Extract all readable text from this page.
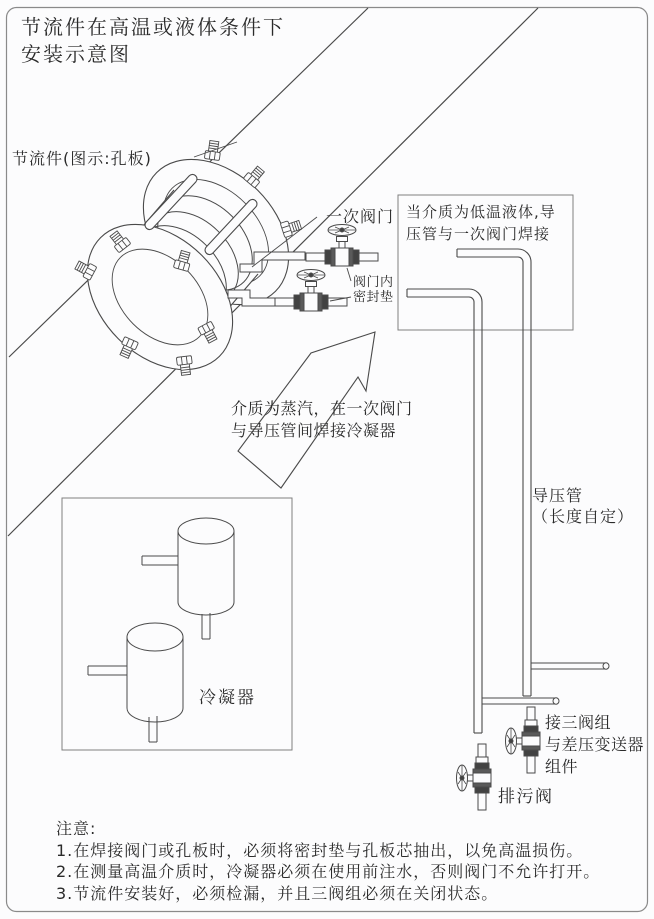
节流件在高温或液体条件下
安装示意图
节流件(图示:孔板)
一次阀门
阀门内
密封垫
当介质为低温液体,导
压管与一次阀门焊接
介质为蒸汽，在一次阀门
与导压管间焊接冷凝器
导压管
（长度自定）
冷凝器
接三阀组
与差压变送器
组件
排污阀
注意:
1.在焊接阀门或孔板时，必须将密封垫与孔板芯抽出，以免高温损伤。
2.在测量高温介质时，冷凝器必须在使用前注水，否则阀门不允许打开。
3.节流件安装好，必须检漏，并且三阀组必须在关闭状态。
